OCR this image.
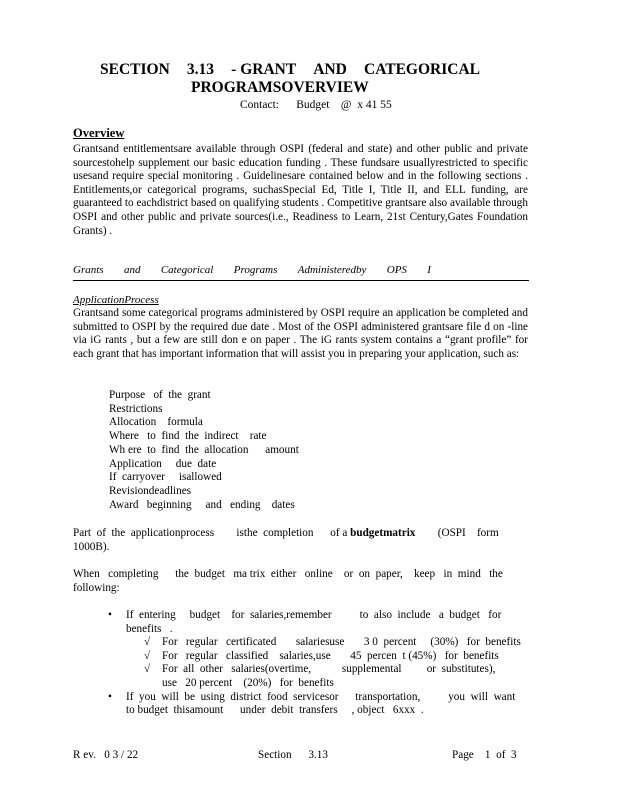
SECTION 3.13 - GRANT AND CATEGORICAL
PROGRAMSOVERVIEW
Contact:      Budget    @  x 41 55
Overview
Grantsand entitlementsare available through OSPI (federal and state) and other public and private sourcestohelp supplement our basic education funding . These fundsare usuallyrestricted to specific usesand require special monitoring . Guidelinesare contained below and in the following sections . Entitlements,or categorical programs, suchasSpecial Ed, Title I, Title II, and ELL funding, are guaranteed to eachdistrict based on qualifying students . Competitive grantsare also available through OSPI and other public and private sources(i.e., Readiness to Learn, 21st Century,Gates Foundation Grants) .
Grants and Categorical Programs Administeredby OPS I
ApplicationProcess
Grantsand some categorical programs administered by OSPI require an application be completed and submitted to OSPI by the required due date . Most of the OSPI administered grantsare file d on -line via iG rants , but a few are still don e on paper . The iG rants system contains a “grant profile” for each grant that has important information that will assist you in preparing your application, such as:
Purpose   of  the  grant
Restrictions
Allocation    formula
Where   to  find  the  indirect    rate
Wh ere  to  find  the  allocation      amount
Application     due  date
If  carryover     isallowed
Revisiondeadlines
Award   beginning     and   ending    dates
Part  of  the  applicationprocess        isthe  completion      of a budgetmatrix        (OSPI    form 1000B).
When   completing      the  budget   ma trix  either   online    or  on  paper,    keep   in  mind   the following:
•	If  entering     budget    for  salaries,remember          to  also  include   a  budget   for  benefits   .
√	For   regular   certificated       salariesuse       3 0  percent     (30%)   for  benefits
√	For   regular   classified    salaries,use       45  percen  t (45%)   for  benefits
√	For  all  other   salaries(overtime,           supplemental         or  substitutes),     use   20 percent    (20%)   for  benefits
•	If  you  will  be  using  district  food  servicesor      transportation,          you  will  want   to budget  thisamount      under  debit  transfers     , object   6xxx  .
R ev.   0 3 / 22	Section      3.13	Page    1  of  3
